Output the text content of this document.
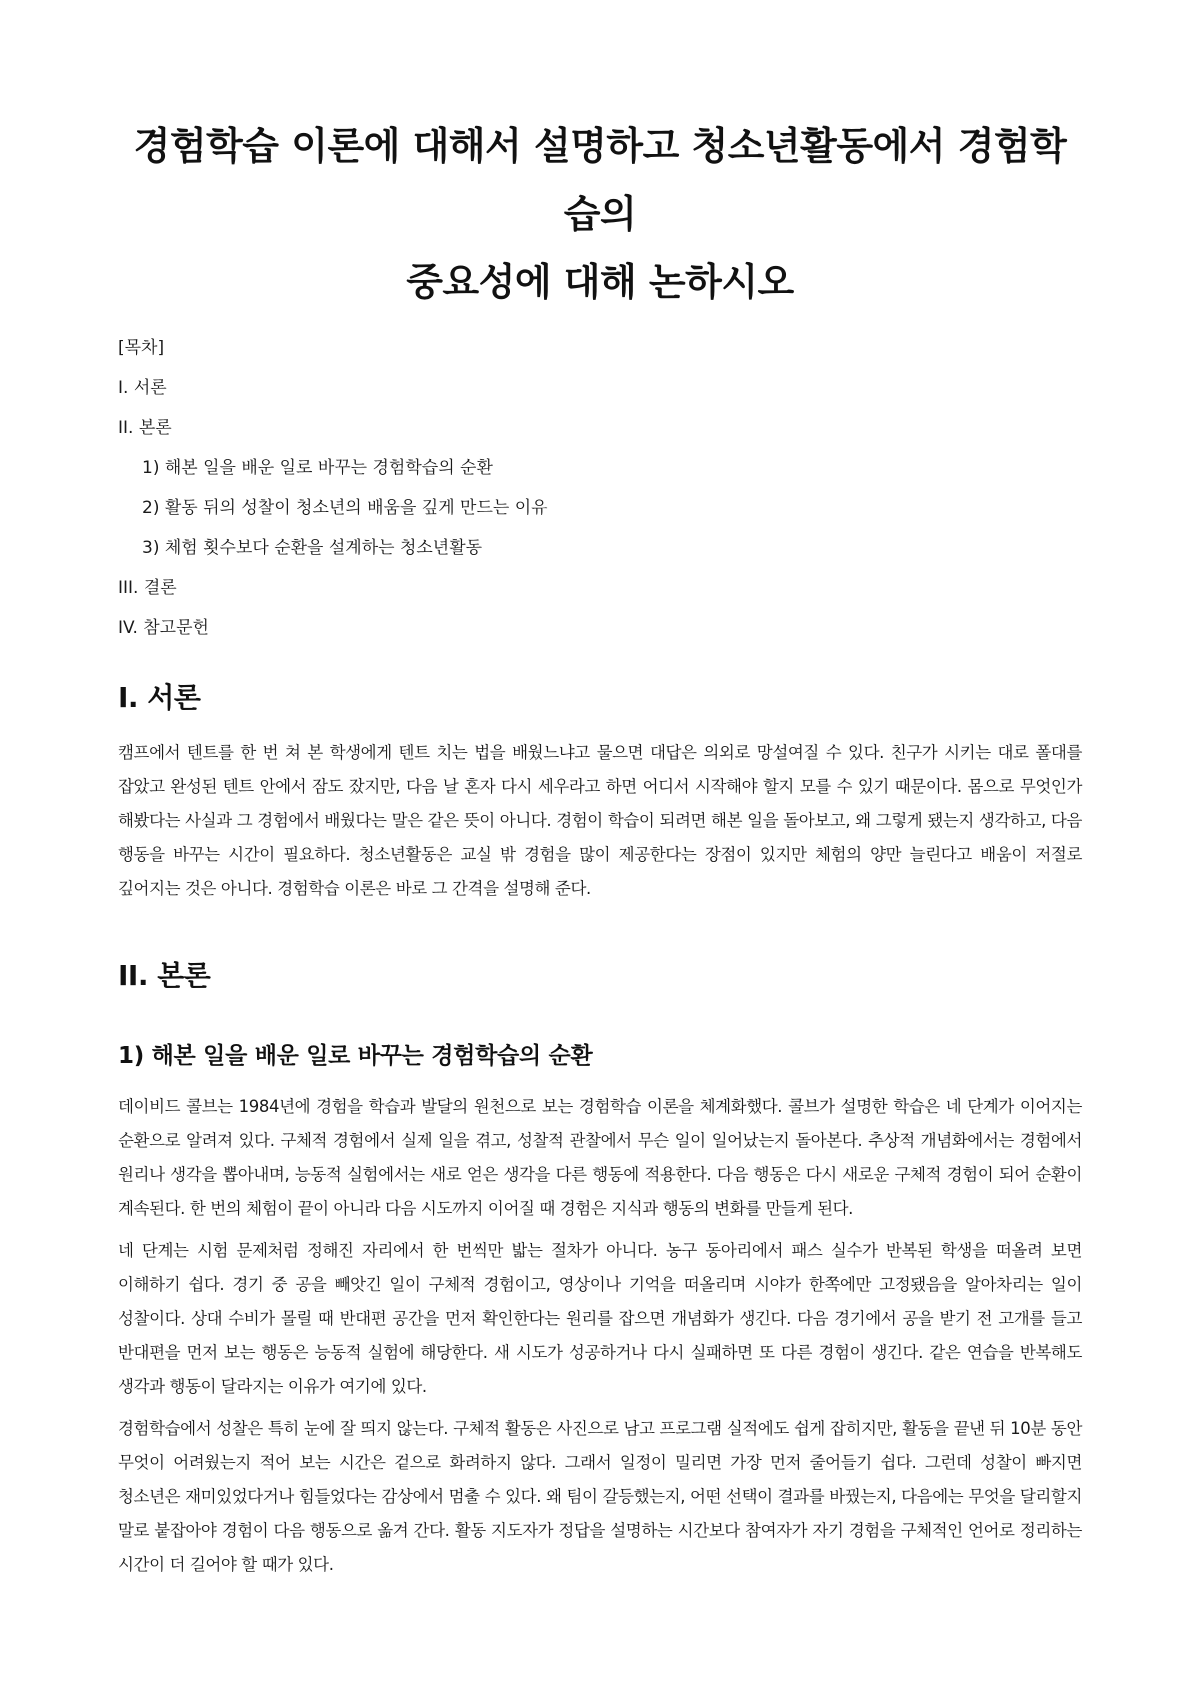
경험학습 이론에 대해서 설명하고 청소년활동에서 경험학습의
중요성에 대해 논하시오

[목차]

I. 서론

II. 본론

1) 해본 일을 배운 일로 바꾸는 경험학습의 순환

2) 활동 뒤의 성찰이 청소년의 배움을 깊게 만드는 이유

3) 체험 횟수보다 순환을 설계하는 청소년활동

III. 결론

IV. 참고문헌

I. 서론

캠프에서 텐트를 한 번 쳐 본 학생에게 텐트 치는 법을 배웠느냐고 물으면 대답은 의외로 망설여질 수 있다. 친구가 시키는 대로 폴대를 잡았고 완성된 텐트 안에서 잠도 잤지만, 다음 날 혼자 다시 세우라고 하면 어디서 시작해야 할지 모를 수 있기 때문이다. 몸으로 무엇인가 해봤다는 사실과 그 경험에서 배웠다는 말은 같은 뜻이 아니다. 경험이 학습이 되려면 해본 일을 돌아보고, 왜 그렇게 됐는지 생각하고, 다음 행동을 바꾸는 시간이 필요하다. 청소년활동은 교실 밖 경험을 많이 제공한다는 장점이 있지만 체험의 양만 늘린다고 배움이 저절로 깊어지는 것은 아니다. 경험학습 이론은 바로 그 간격을 설명해 준다.

II. 본론
1) 해본 일을 배운 일로 바꾸는 경험학습의 순환

데이비드 콜브는 1984년에 경험을 학습과 발달의 원천으로 보는 경험학습 이론을 체계화했다. 콜브가 설명한 학습은 네 단계가 이어지는 순환으로 알려져 있다. 구체적 경험에서 실제 일을 겪고, 성찰적 관찰에서 무슨 일이 일어났는지 돌아본다. 추상적 개념화에서는 경험에서 원리나 생각을 뽑아내며, 능동적 실험에서는 새로 얻은 생각을 다른 행동에 적용한다. 다음 행동은 다시 새로운 구체적 경험이 되어 순환이 계속된다. 한 번의 체험이 끝이 아니라 다음 시도까지 이어질 때 경험은 지식과 행동의 변화를 만들게 된다.

네 단계는 시험 문제처럼 정해진 자리에서 한 번씩만 밟는 절차가 아니다. 농구 동아리에서 패스 실수가 반복된 학생을 떠올려 보면 이해하기 쉽다. 경기 중 공을 빼앗긴 일이 구체적 경험이고, 영상이나 기억을 떠올리며 시야가 한쪽에만 고정됐음을 알아차리는 일이 성찰이다. 상대 수비가 몰릴 때 반대편 공간을 먼저 확인한다는 원리를 잡으면 개념화가 생긴다. 다음 경기에서 공을 받기 전 고개를 들고 반대편을 먼저 보는 행동은 능동적 실험에 해당한다. 새 시도가 성공하거나 다시 실패하면 또 다른 경험이 생긴다. 같은 연습을 반복해도 생각과 행동이 달라지는 이유가 여기에 있다.

경험학습에서 성찰은 특히 눈에 잘 띄지 않는다. 구체적 활동은 사진으로 남고 프로그램 실적에도 쉽게 잡히지만, 활동을 끝낸 뒤 10분 동안 무엇이 어려웠는지 적어 보는 시간은 겉으로 화려하지 않다. 그래서 일정이 밀리면 가장 먼저 줄어들기 쉽다. 그런데 성찰이 빠지면 청소년은 재미있었다거나 힘들었다는 감상에서 멈출 수 있다. 왜 팀이 갈등했는지, 어떤 선택이 결과를 바꿨는지, 다음에는 무엇을 달리할지 말로 붙잡아야 경험이 다음 행동으로 옮겨 간다. 활동 지도자가 정답을 설명하는 시간보다 참여자가 자기 경험을 구체적인 언어로 정리하는 시간이 더 길어야 할 때가 있다.
